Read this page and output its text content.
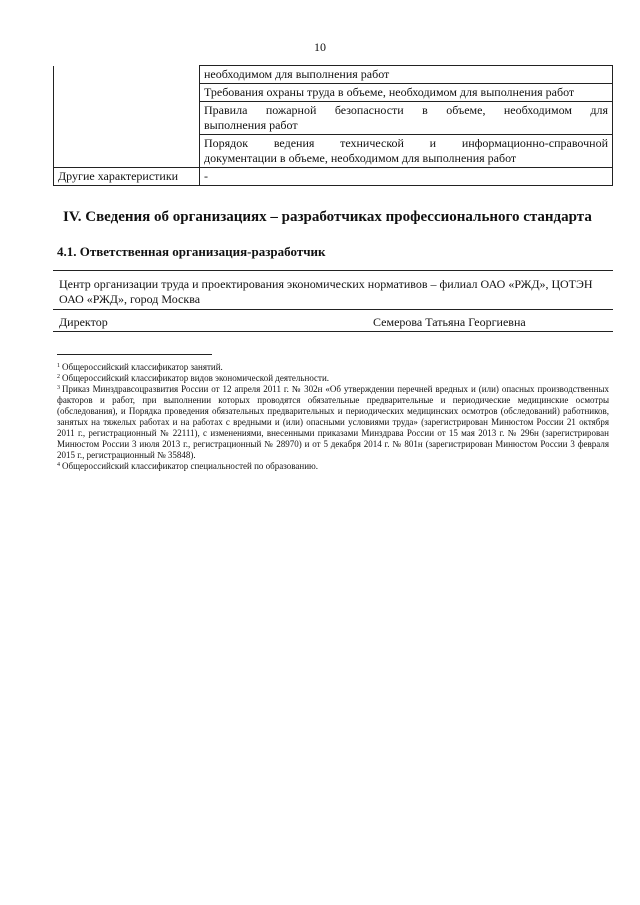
10
	необходимом для выполнения работ
	Требования охраны труда в объеме, необходимом для выполнения работ

	Правила пожарной безопасности в объеме, необходимом для
выполнения работ

	Порядок ведения технической и информационно-справочной
документации в объеме, необходимом для выполнения работ

Другие характеристики	-
IV. Сведения об организациях – разработчиках профессионального стандарта
4.1. Ответственная организация-разработчик
Центр организации труда и проектирования экономических нормативов – филиал ОАО «РЖД», ЦОТЭН ОАО «РЖД», город Москва
Директор	Семерова Татьяна Георгиевна

$^1$ Общероссийский классификатор занятий.

$^2$ Общероссийский классификатор видов экономической деятельности.

$^3$ Приказ Минздравсоцразвития России от 12 апреля 2011 г. № 302н «Об утверждении перечней вредных и (или) опасных производственных факторов и работ, при выполнении которых проводятся обязательные предварительные и периодические медицинские осмотры (обследования), и Порядка проведения обязательных предварительных и периодических медицинских осмотров (обследований) работников, занятых на тяжелых работах и на работах с вредными и (или) опасными условиями труда» (зарегистрирован Минюстом России 21 октября 2011 г., регистрационный № 22111), с изменениями, внесенными приказами Минздрава России от 15 мая 2013 г. № 296н (зарегистрирован Минюстом России 3 июля 2013 г., регистрационный № 28970) и от 5 декабря 2014 г. № 801н (зарегистрирован Минюстом России 3 февраля 2015 г., регистрационный № 35848).

$^4$ Общероссийский классификатор специальностей по образованию.
